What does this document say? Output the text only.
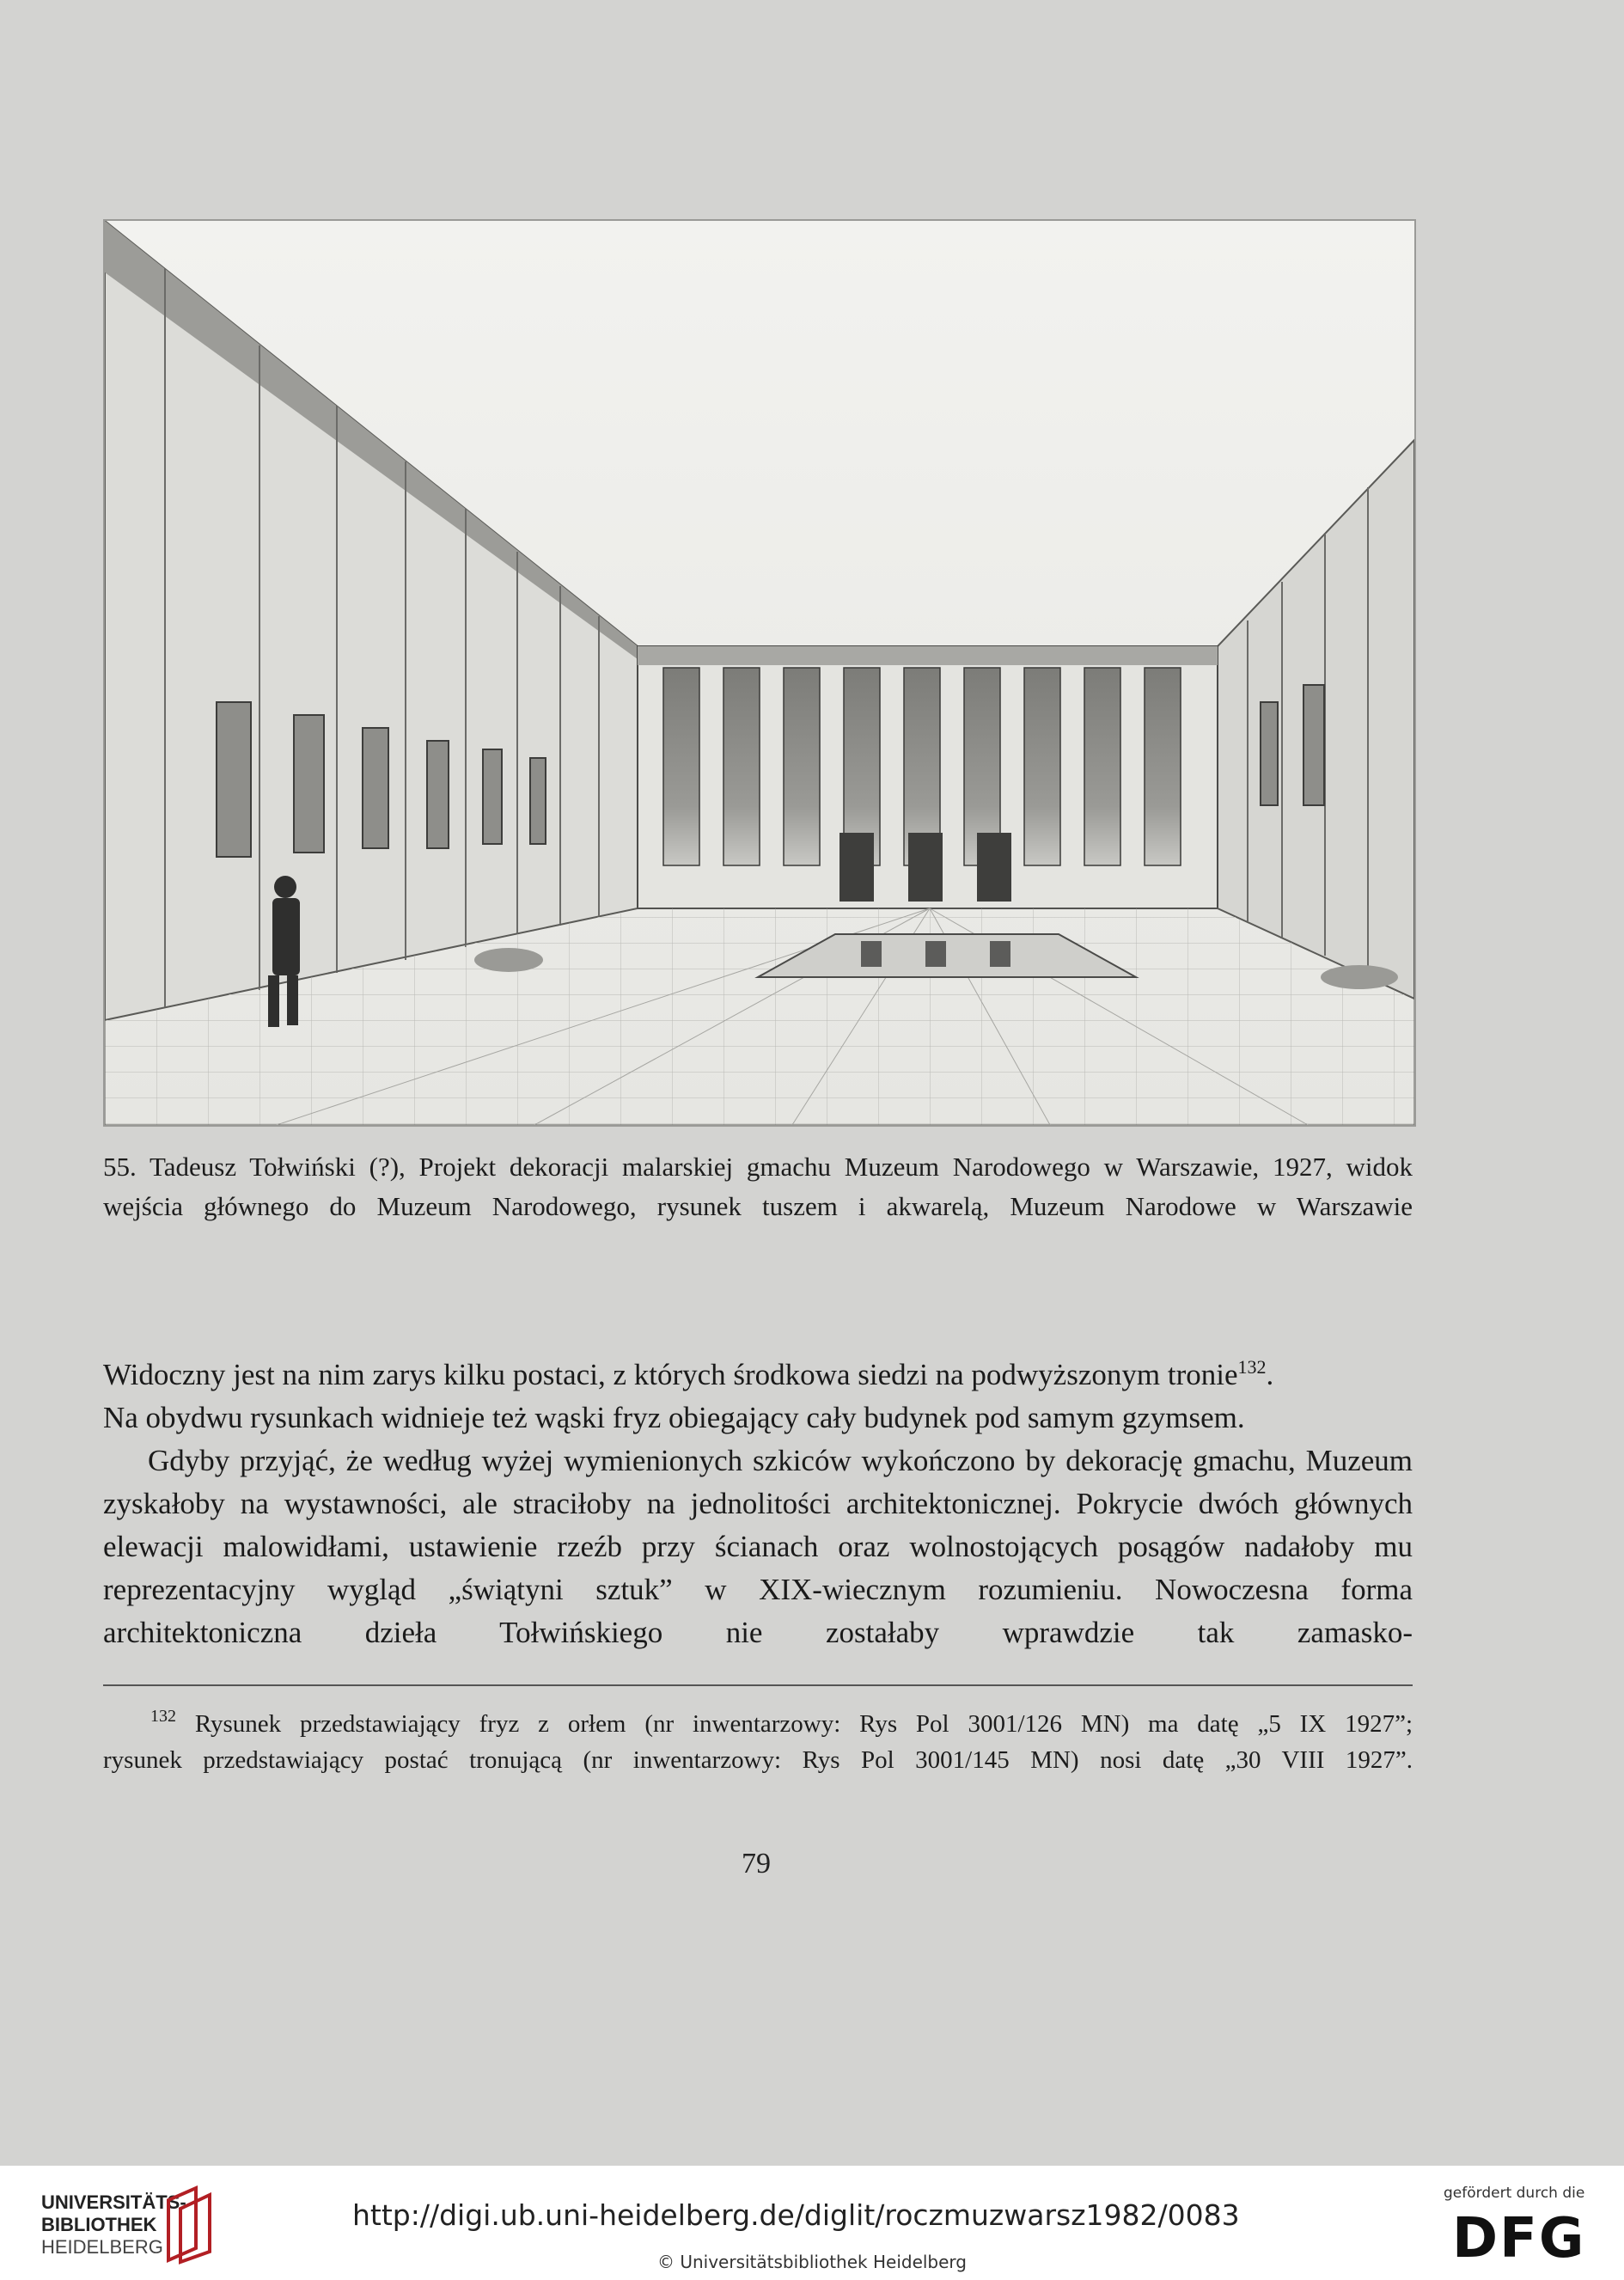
55. Tadeusz Tołwiński (?), Projekt dekoracji malarskiej gmachu Muzeum Narodowego w Warszawie, 1927, widok
wejścia głównego do Muzeum Narodowego, rysunek tuszem i akwarelą, Muzeum Narodowe w Warszawie

Widoczny jest na nim zarys kilku postaci, z których środkowa siedzi na podwyższonym tronie$^{132}$.

Na obydwu rysunkach widnieje też wąski fryz obiegający cały budynek pod samym gzymsem.

Gdyby przyjąć, że według wyżej wymienionych szkiców wykończono by dekorację gmachu, Muzeum zyskałoby na wystawności, ale straciłoby na jednolitości architektonicznej. Pokrycie dwóch głównych elewacji malowidłami, ustawienie rzeźb przy ścianach oraz wolnostojących posągów nadałoby mu reprezentacyjny wygląd „świątyni sztuk” w XIX-wiecznym rozumieniu. Nowoczesna forma architektoniczna dzieła Tołwińskiego nie zostałaby wprawdzie tak zamasko-

$^{132}$ Rysunek przedstawiający fryz z orłem (nr inwentarzowy: Rys Pol 3001/126 MN) ma datę „5 IX 1927”;

rysunek przedstawiający postać tronującą (nr inwentarzowy: Rys Pol 3001/145 MN) nosi datę „30 VIII 1927”.

79
UNIVERSITÄTS-
BIBLIOTHEK
HEIDELBERG
http://digi.ub.uni-heidelberg.de/diglit/roczmuzwarsz1982/0083
© Universitätsbibliothek Heidelberg
gefördert durch die
DFG
